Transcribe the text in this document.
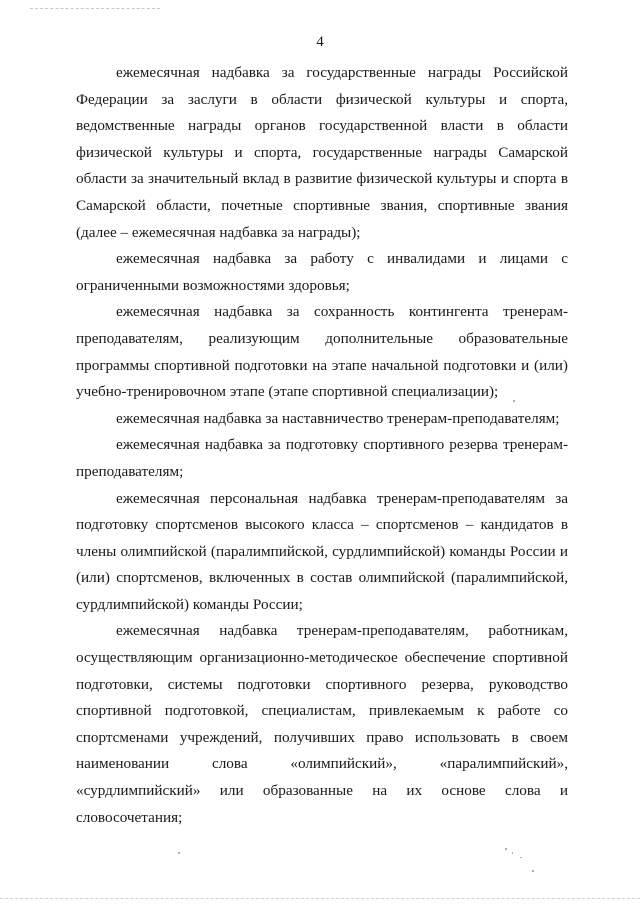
4

ежемесячная надбавка за государственные награды Российской Федерации за заслуги в области физической культуры и спорта, ведомственные награды органов государственной власти в области физической культуры и спорта, государственные награды Самарской области за значительный вклад в развитие физической культуры и спорта в Самарской области, почетные спортивные звания, спортивные звания (далее – ежемесячная надбавка за награды);

ежемесячная надбавка за работу с инвалидами и лицами с ограниченными возможностями здоровья;

ежемесячная надбавка за сохранность контингента тренерам-преподавателям, реализующим дополнительные образовательные программы спортивной подготовки на этапе начальной подготовки и (или) учебно-тренировочном этапе (этапе спортивной специализации);

ежемесячная надбавка за наставничество тренерам-преподавателям;

ежемесячная надбавка за подготовку спортивного резерва тренерам-преподавателям;

ежемесячная персональная надбавка тренерам-преподавателям за подготовку спортсменов высокого класса – спортсменов – кандидатов в члены олимпийской (паралимпийской, сурдлимпийской) команды России и (или) спортсменов, включенных в состав олимпийской (паралимпийской, сурдлимпийской) команды России;

ежемесячная надбавка тренерам-преподавателям, работникам, осуществляющим организационно-методическое обеспечение спортивной подготовки, системы подготовки спортивного резерва, руководство спортивной подготовкой, специалистам, привлекаемым к работе со спортсменами учреждений, получивших право использовать в своем наименовании слова «олимпийский», «паралимпийский», «сурдлимпийский» или образованные на их основе слова и словосочетания;
